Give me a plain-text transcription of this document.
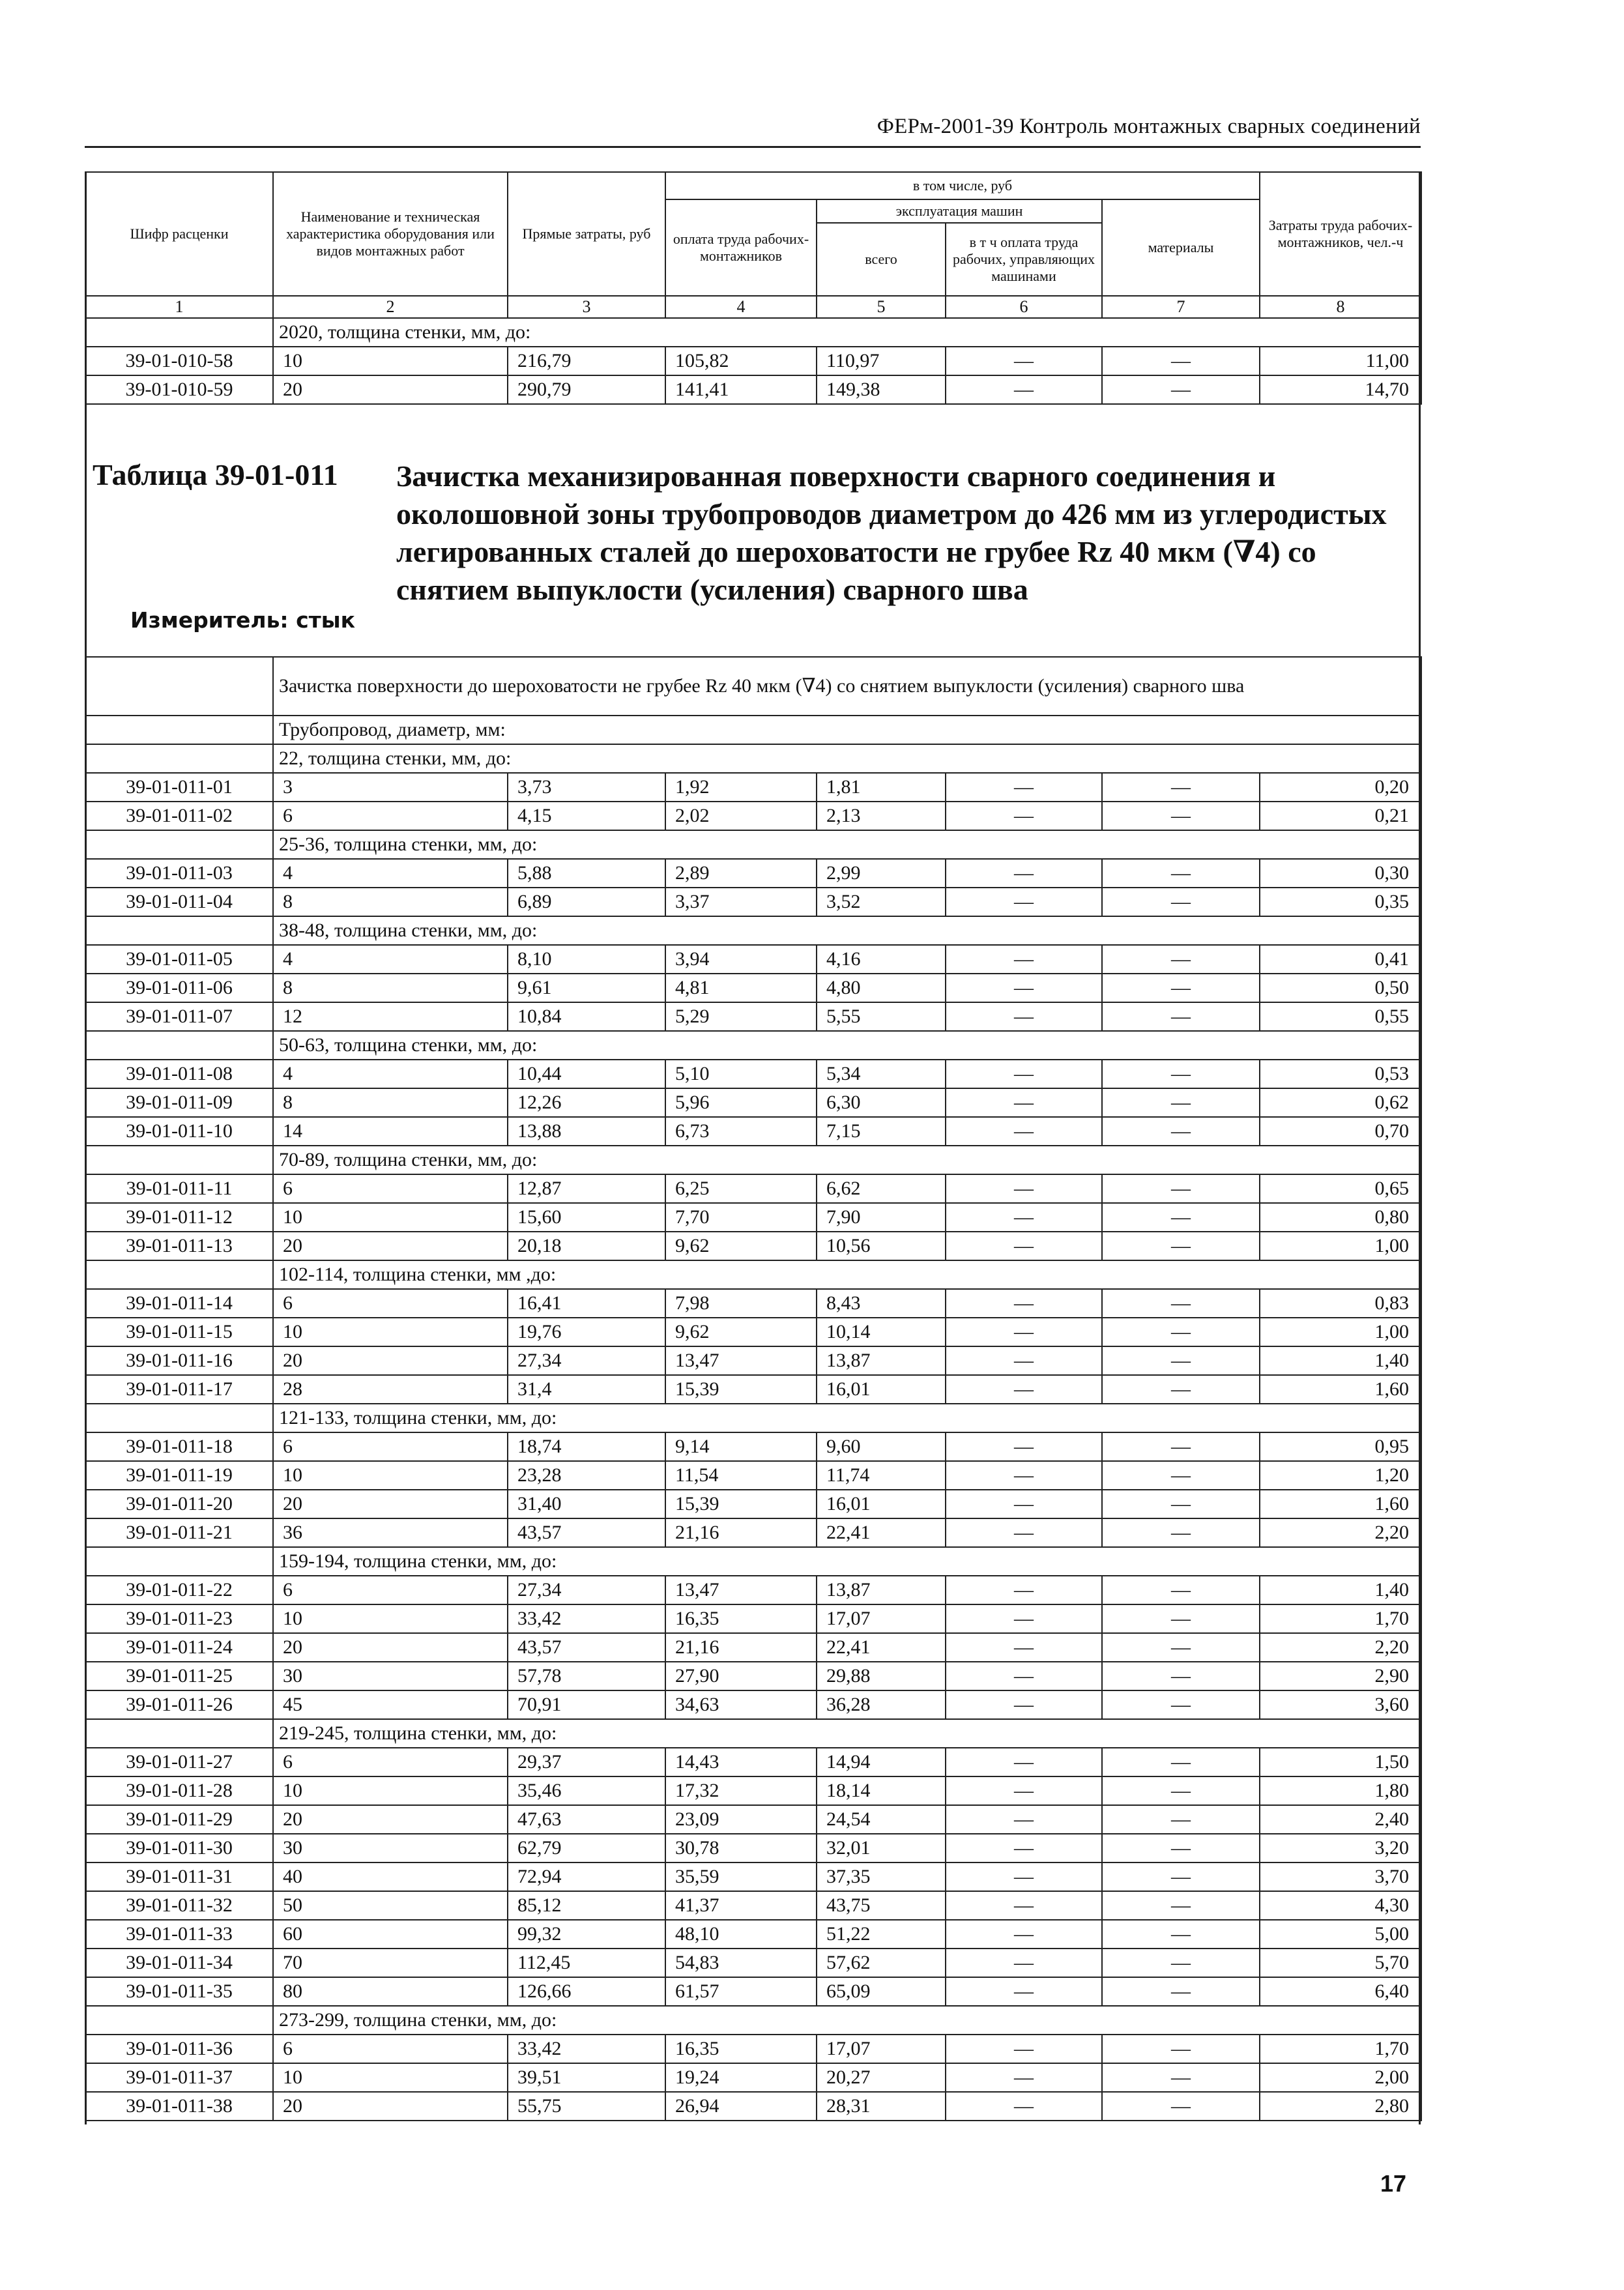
ФЕРм-2001-39 Контроль монтажных сварных соединений
Шифр расценки	Наименование и техническая характеристика оборудования или видов монтажных работ	Прямые затраты, руб	в том числе, руб				Затраты труда рабочих-монтажников, чел.-ч
			оплата труда рабочих-монтажников	эксплуатация машин		материалы	
				всего	в т ч оплата труда рабочих, управляющих машинами		
1	2	3	4	5	6	7	8
	2020, толщина стенки, мм, до:						
39-01-010-58	10	216,79	105,82	110,97	—	—	11,00
39-01-010-59	20	290,79	141,41	149,38	—	—	14,70
Таблица 39-01-011 Зачистка механизированная поверхности сварного соединения и околошовной зоны трубопроводов диаметром до 426 мм из углеродистых легированных сталей до шероховатости не грубее Rz 40 мкм (∇4) со снятием выпуклости (усиления) сварного шва
Измеритель: стык
	Зачистка поверхности до шероховатости не грубее Rz 40 мкм (∇4) со снятием выпуклости (усиления) сварного шва						
	Трубопровод, диаметр, мм:						
	22, толщина стенки, мм, до:						
39-01-011-01	3	3,73	1,92	1,81	—	—	0,20
39-01-011-02	6	4,15	2,02	2,13	—	—	0,21
	25-36, толщина стенки, мм, до:						
39-01-011-03	4	5,88	2,89	2,99	—	—	0,30
39-01-011-04	8	6,89	3,37	3,52	—	—	0,35
	38-48, толщина стенки, мм, до:						
39-01-011-05	4	8,10	3,94	4,16	—	—	0,41
39-01-011-06	8	9,61	4,81	4,80	—	—	0,50
39-01-011-07	12	10,84	5,29	5,55	—	—	0,55
	50-63, толщина стенки, мм, до:						
39-01-011-08	4	10,44	5,10	5,34	—	—	0,53
39-01-011-09	8	12,26	5,96	6,30	—	—	0,62
39-01-011-10	14	13,88	6,73	7,15	—	—	0,70
	70-89, толщина стенки, мм, до:						
39-01-011-11	6	12,87	6,25	6,62	—	—	0,65
39-01-011-12	10	15,60	7,70	7,90	—	—	0,80
39-01-011-13	20	20,18	9,62	10,56	—	—	1,00
	102-114, толщина стенки, мм ,до:						
39-01-011-14	6	16,41	7,98	8,43	—	—	0,83
39-01-011-15	10	19,76	9,62	10,14	—	—	1,00
39-01-011-16	20	27,34	13,47	13,87	—	—	1,40
39-01-011-17	28	31,4	15,39	16,01	—	—	1,60
	121-133, толщина стенки, мм, до:						
39-01-011-18	6	18,74	9,14	9,60	—	—	0,95
39-01-011-19	10	23,28	11,54	11,74	—	—	1,20
39-01-011-20	20	31,40	15,39	16,01	—	—	1,60
39-01-011-21	36	43,57	21,16	22,41	—	—	2,20
	159-194, толщина стенки, мм, до:						
39-01-011-22	6	27,34	13,47	13,87	—	—	1,40
39-01-011-23	10	33,42	16,35	17,07	—	—	1,70
39-01-011-24	20	43,57	21,16	22,41	—	—	2,20
39-01-011-25	30	57,78	27,90	29,88	—	—	2,90
39-01-011-26	45	70,91	34,63	36,28	—	—	3,60
	219-245, толщина стенки, мм, до:						
39-01-011-27	6	29,37	14,43	14,94	—	—	1,50
39-01-011-28	10	35,46	17,32	18,14	—	—	1,80
39-01-011-29	20	47,63	23,09	24,54	—	—	2,40
39-01-011-30	30	62,79	30,78	32,01	—	—	3,20
39-01-011-31	40	72,94	35,59	37,35	—	—	3,70
39-01-011-32	50	85,12	41,37	43,75	—	—	4,30
39-01-011-33	60	99,32	48,10	51,22	—	—	5,00
39-01-011-34	70	112,45	54,83	57,62	—	—	5,70
39-01-011-35	80	126,66	61,57	65,09	—	—	6,40
	273-299, толщина стенки, мм, до:						
39-01-011-36	6	33,42	16,35	17,07	—	—	1,70
39-01-011-37	10	39,51	19,24	20,27	—	—	2,00
39-01-011-38	20	55,75	26,94	28,31	—	—	2,80
17
